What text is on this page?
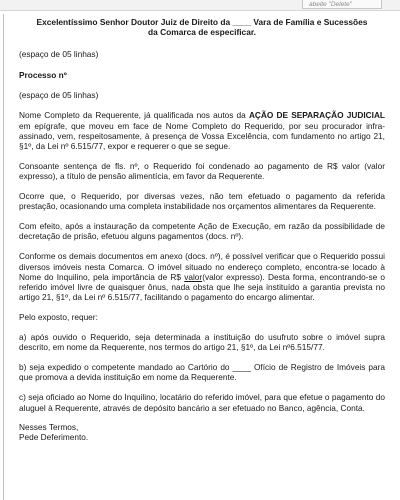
abeite "Delete"
Excelentíssimo Senhor Doutor Juiz de Direito da ____ Vara de Família e Sucessões
da Comarca de especificar.
(espaço de 05 linhas)
Processo nº
(espaço de 05 linhas)

Nome Completo da Requerente, já qualificada nos autos da AÇÃO DE SEPARAÇÃO JUDICIAL em epígrafe, que moveu em face de Nome Completo do Requerido, por seu procurador infra-assinado, vem, respeitosamente, à presença de Vossa Excelência, com fundamento no artigo 21, §1º, da Lei nº 6.515/77, expor e requerer o que se segue.

Consoante sentença de fls. nº, o Requerido foi condenado ao pagamento de R$ valor (valor expresso), a título de pensão alimentícia, em favor da Requerente.

Ocorre que, o Requerido, por diversas vezes, não tem efetuado o pagamento da referida prestação, ocasionando uma completa instabilidade nos orçamentos alimentares da Requerente.

Com efeito, após a instauração da competente Ação de Execução, em razão da possibilidade de decretação de prisão, efetuou alguns pagamentos (docs. nº).

Conforme os demais documentos em anexo (docs. nº), é possível verificar que o Requerido possui diversos imóveis nesta Comarca. O imóvel situado no endereço completo, encontra-se locado à Nome do Inquilino, pela importância de R$ valor(valor expresso). Desta forma, encontrando-se o referido imóvel livre de quaisquer ônus, nada obsta que lhe seja instituído a garantia prevista no artigo 21, §1º, da Lei nº 6.515/77, facilitando o pagamento do encargo alimentar.

Pelo exposto, requer:

a) após ouvido o Requerido, seja determinada a instituição do usufruto sobre o imóvel supra descrito, em nome da Requerente, nos termos do artigo 21, §1º, da Lei nº6.515/77.

b) seja expedido o competente mandado ao Cartório do ____ Ofício de Registro de Imóveis para que promova a devida instituição em nome da Requerente.

c) seja oficiado ao Nome do Inquilino, locatário do referido imóvel, para que efetue o pagamento do aluguel à Requerente, através de depósito bancário a ser efetuado no Banco, agência, Conta.

Nesses Termos,
Pede Deferimento.
